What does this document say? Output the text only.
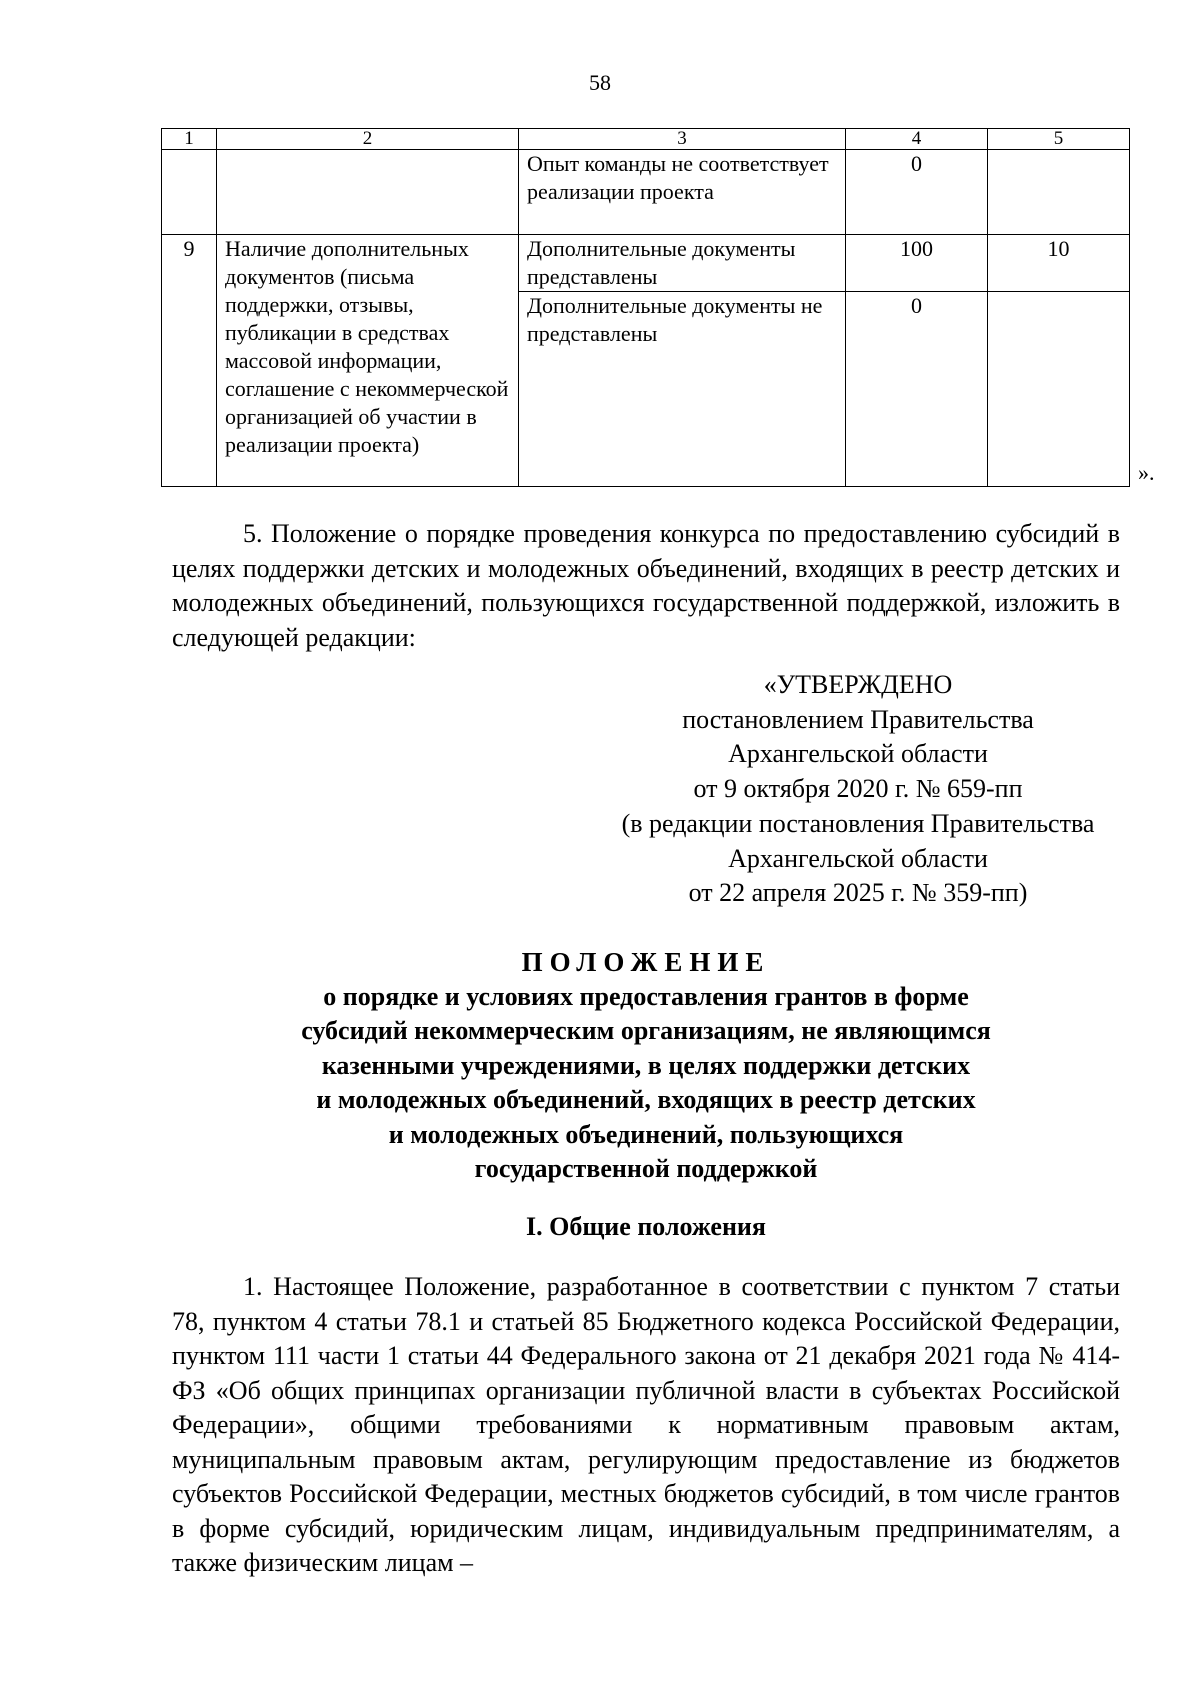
58
1	2	3	4	5
		Опыт команды не соответствует реализации проекта	0	
9	Наличие дополнительных документов (письма поддержки, отзывы, публикации в средствах массовой информации, соглашение с некоммерческой организацией об участии в реализации проекта)	Дополнительные документы представлены	100	10
		Дополнительные документы не представлены	0	
».

5. Положение о порядке проведения конкурса по предоставлению субсидий в целях поддержки детских и молодежных объединений, входящих в реестр детских и молодежных объединений, пользующихся государственной поддержкой, изложить в следующей редакции:

«УТВЕРЖДЕНО
постановлением Правительства
Архангельской области
от 9 октября 2020 г. № 659-пп
(в редакции постановления Правительства
Архангельской области
от 22 апреля 2025 г. № 359-пп)
ПОЛОЖЕНИЕ
о порядке и условиях предоставления грантов в форме
субсидий некоммерческим организациям, не являющимся
казенными учреждениями, в целях поддержки детских
и молодежных объединений, входящих в реестр детских
и молодежных объединений, пользующихся
государственной поддержкой
I. Общие положения

1. Настоящее Положение, разработанное в соответствии с пунктом 7 статьи 78, пунктом 4 статьи 78.1 и статьей 85 Бюджетного кодекса Российской Федерации, пунктом 111 части 1 статьи 44 Федерального закона от 21 декабря 2021 года № 414-ФЗ «Об общих принципах организации публичной власти в субъектах Российской Федерации», общими требованиями к нормативным правовым актам, муниципальным правовым актам, регулирующим предоставление из бюджетов субъектов Российской Федерации, местных бюджетов субсидий, в том числе грантов в форме субсидий, юридическим лицам, индивидуальным предпринимателям, а также физическим лицам –
